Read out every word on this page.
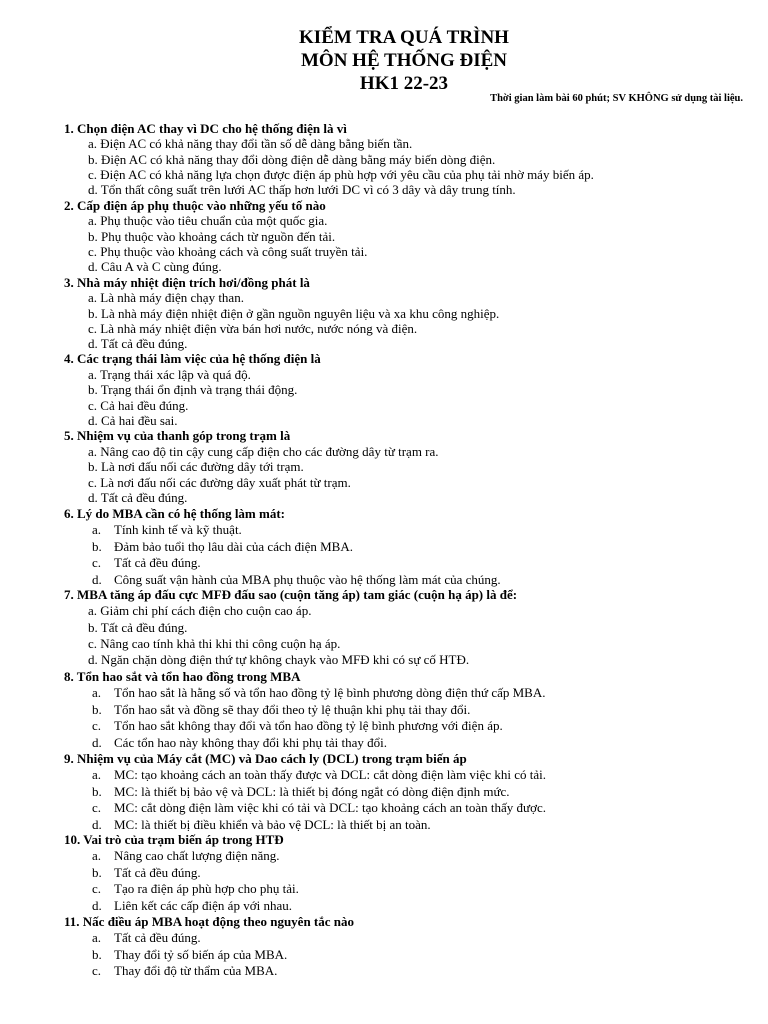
KIỂM TRA QUÁ TRÌNH
MÔN HỆ THỐNG ĐIỆN
HK1 22-23
Thời gian làm bài 60 phút; SV KHÔNG sử dụng tài liệu.
1. Chọn điện AC thay vì DC cho hệ thống điện là vì
a. Điện AC có khả năng thay đổi tần số dễ dàng bằng biến tần.
b. Điện AC có khả năng thay đổi dòng điện dễ dàng bằng máy biến dòng điện.
c. Điện AC có khả năng lựa chọn được điện áp phù hợp với yêu cầu của phụ tải nhờ máy biến áp.
d. Tổn thất công suất trên lưới AC thấp hơn lưới DC vì có 3 dây và dây trung tính.
2. Cấp điện áp phụ thuộc vào những yếu tố nào
a. Phụ thuộc vào tiêu chuẩn của một quốc gia.
b. Phụ thuộc vào khoảng cách từ nguồn đến tải.
c. Phụ thuộc vào khoảng cách và công suất truyền tải.
d. Câu A và C cùng đúng.
3. Nhà máy nhiệt điện trích hơi/đồng phát là
a. Là nhà máy điện chạy than.
b. Là nhà máy điện nhiệt điện ở gần nguồn nguyên liệu và xa khu công nghiệp.
c. Là nhà máy nhiệt điện vừa bán hơi nước, nước nóng và điện.
d. Tất cả đều đúng.
4. Các trạng thái làm việc của hệ thống điện là
a. Trạng thái xác lập và quá độ.
b. Trạng thái ổn định và trạng thái động.
c. Cả hai đều đúng.
d. Cả hai đều sai.
5. Nhiệm vụ của thanh góp trong trạm là
a. Nâng cao độ tin cậy cung cấp điện cho các đường dây từ trạm ra.
b. Là nơi đấu nối các đường dây tới trạm.
c. Là nơi đấu nối các đường dây xuất phát từ trạm.
d. Tất cả đều đúng.
6. Lý do MBA cần có hệ thống làm mát:
a. Tính kinh tế và kỹ thuật.
b. Đảm bảo tuổi thọ lâu dài của cách điện MBA.
c. Tất cả đều đúng.
d. Công suất vận hành của MBA phụ thuộc vào hệ thống làm mát của chúng.
7. MBA tăng áp đấu cực MFĐ đấu sao (cuộn tăng áp) tam giác (cuộn hạ áp) là để:
a. Giảm chi phí cách điện cho cuộn cao áp.
b. Tất cả đều đúng.
c. Nâng cao tính khả thi khi thi công cuộn hạ áp.
d. Ngăn chặn dòng điện thứ tự không chayk vào MFĐ khi có sự cố HTĐ.
8. Tổn hao sắt và tổn hao đồng trong MBA
a. Tổn hao sắt là hằng số và tổn hao đồng tỷ lệ bình phương dòng điện thứ cấp MBA.
b. Tổn hao sắt và đồng sẽ thay đổi theo tỷ lệ thuận khi phụ tải thay đổi.
c. Tổn hao sắt không thay đổi và tổn hao đồng tỷ lệ bình phương với điện áp.
d. Các tổn hao này không thay đổi khi phụ tải thay đổi.
9. Nhiệm vụ của Máy cắt (MC) và Dao cách ly (DCL) trong trạm biến áp
a. MC: tạo khoảng cách an toàn thấy được và DCL: cắt dòng điện làm việc khi có tải.
b. MC: là thiết bị bảo vệ và DCL: là thiết bị đóng ngắt có dòng điện định mức.
c. MC: cắt dòng điện làm việc khi có tải và DCL: tạo khoảng cách an toàn thấy được.
d. MC: là thiết bị điều khiển và bảo vệ DCL: là thiết bị an toàn.
10. Vai trò của trạm biến áp trong HTĐ
a. Nâng cao chất lượng điện năng.
b. Tất cả đều đúng.
c. Tạo ra điện áp phù hợp cho phụ tải.
d. Liên kết các cấp điện áp với nhau.
11. Nấc điều áp MBA hoạt động theo nguyên tắc nào
a. Tất cả đều đúng.
b. Thay đổi tỷ số biến áp của MBA.
c. Thay đổi độ từ thẩm của MBA.
